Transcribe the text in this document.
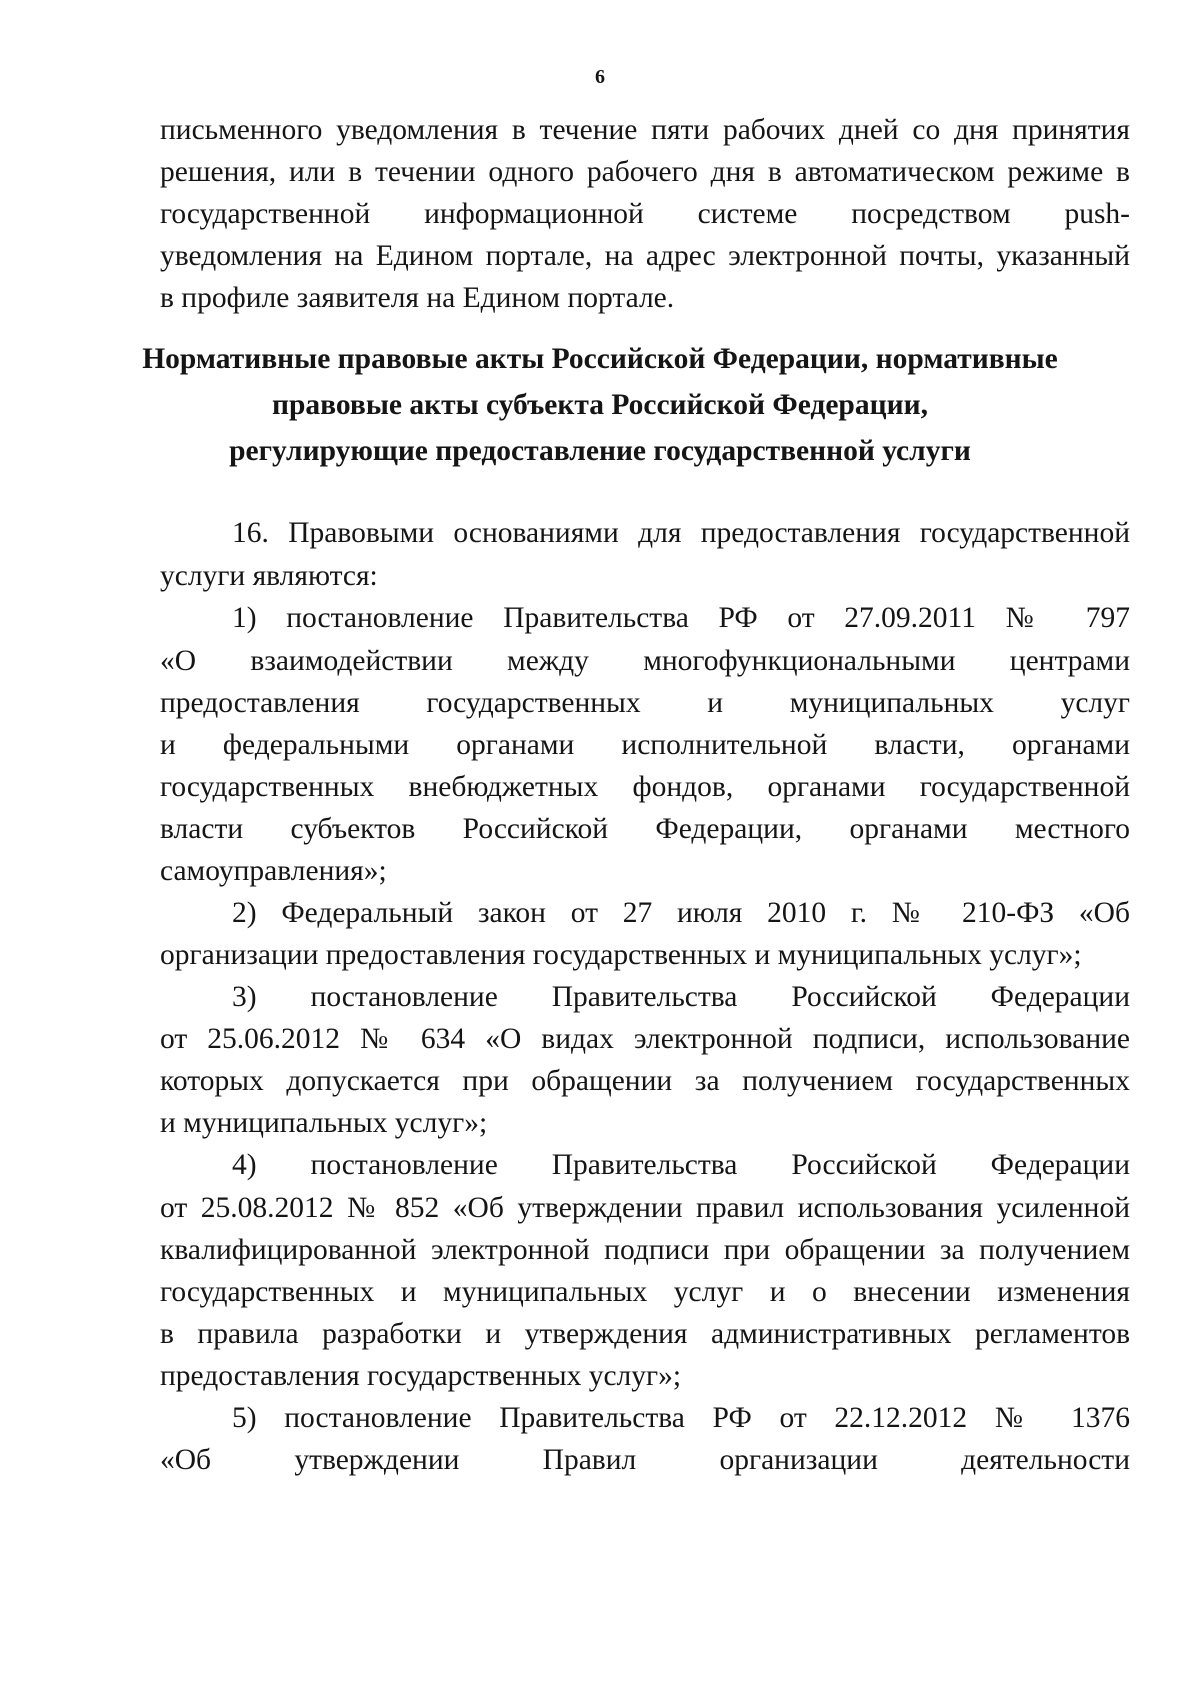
6
письменного уведомления в течение пяти рабочих дней со дня принятия
решения, или в течении одного рабочего дня в автоматическом режиме в
государственной информационной системе посредством push-
уведомления на Едином портале, на адрес электронной почты, указанный
в профиле заявителя на Едином портале.
Нормативные правовые акты Российской Федерации, нормативные
правовые акты субъекта Российской Федерации,
регулирующие предоставление государственной услуги
16. Правовыми основаниями для предоставления государственной
услуги являются:
1) постановление Правительства РФ от 27.09.2011 № 797
«О взаимодействии между многофункциональными центрами
предоставления государственных и муниципальных услуг
и федеральными органами исполнительной власти, органами
государственных внебюджетных фондов, органами государственной
власти субъектов Российской Федерации, органами местного
самоуправления»;
2) Федеральный закон от 27 июля 2010 г. № 210-ФЗ «Об
организации предоставления государственных и муниципальных услуг»;
3) постановление Правительства Российской Федерации
от 25.06.2012 № 634 «О видах электронной подписи, использование
которых допускается при обращении за получением государственных
и муниципальных услуг»;
4) постановление Правительства Российской Федерации
от 25.08.2012 № 852 «Об утверждении правил использования усиленной
квалифицированной электронной подписи при обращении за получением
государственных и муниципальных услуг и о внесении изменения
в правила разработки и утверждения административных регламентов
предоставления государственных услуг»;
5) постановление Правительства РФ от 22.12.2012 № 1376
«Об утверждении Правил организации деятельности
